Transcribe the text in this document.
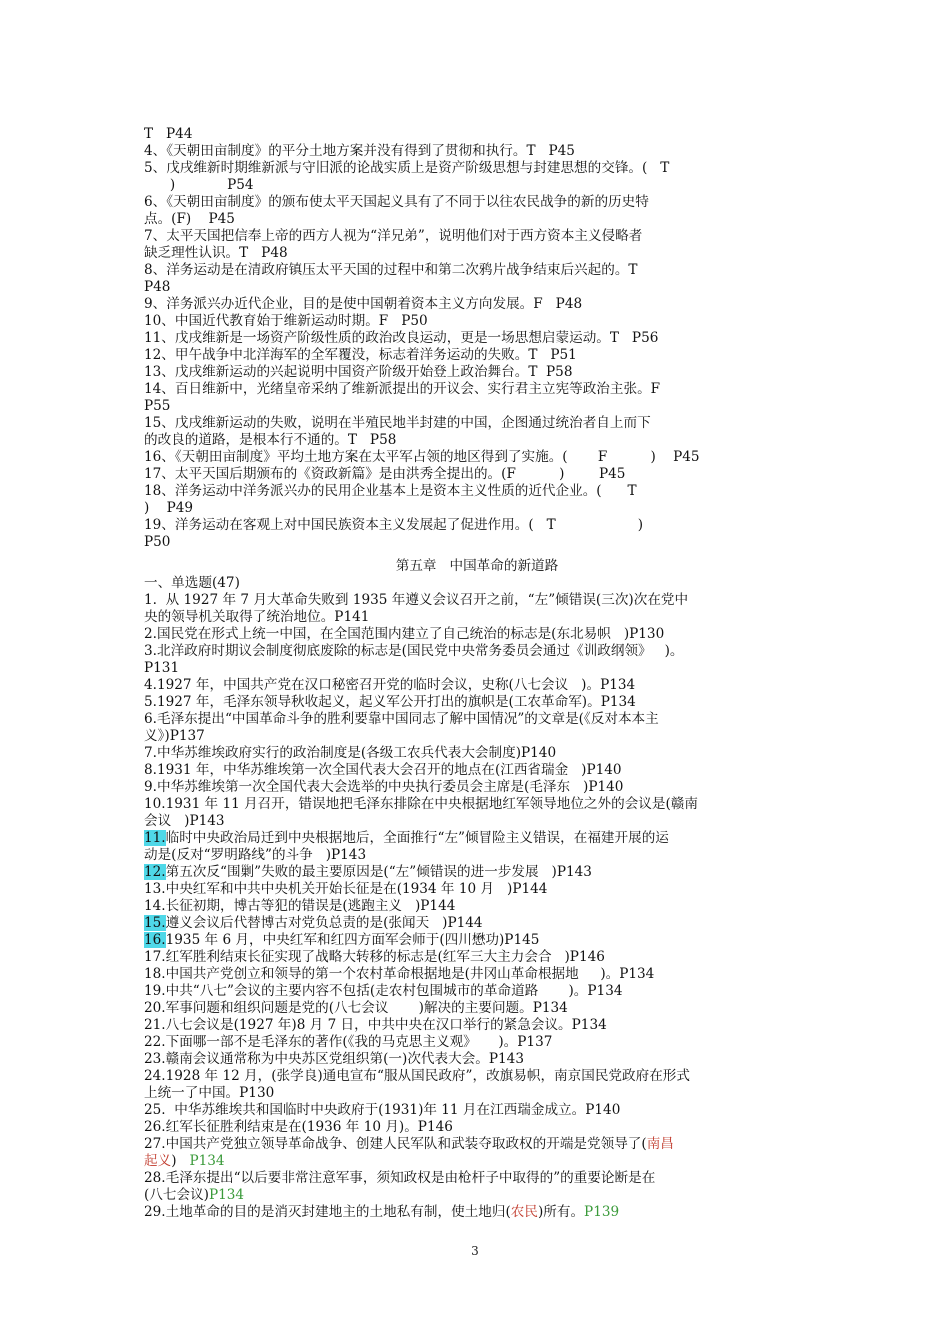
T   P44
4、《天朝田亩制度》的平分土地方案并没有得到了贯彻和执行。T   P45
5、戊戌维新时期维新派与守旧派的论战实质上是资产阶级思想与封建思想的交锋。(   T
)            P54
6、《天朝田亩制度》的颁布使太平天国起义具有了不同于以往农民战争的新的历史特
点。(F)    P45
7、太平天国把信奉上帝的西方人视为“洋兄弟”，说明他们对于西方资本主义侵略者
缺乏理性认识。T   P48
8、洋务运动是在清政府镇压太平天国的过程中和第二次鸦片战争结束后兴起的。T
P48
9、洋务派兴办近代企业，目的是使中国朝着资本主义方向发展。F   P48
10、中国近代教育始于维新运动时期。F   P50
11、戊戌维新是一场资产阶级性质的政治改良运动，更是一场思想启蒙运动。T   P56
12、甲午战争中北洋海军的全军覆没，标志着洋务运动的失败。T   P51
13、戊戌维新运动的兴起说明中国资产阶级开始登上政治舞台。T  P58
14、百日维新中，光绪皇帝采纳了维新派提出的开议会、实行君主立宪等政治主张。F
P55
15、戊戌维新运动的失败，说明在半殖民地半封建的中国，企图通过统治者自上而下
的改良的道路，是根本行不通的。T   P58
16、《天朝田亩制度》平均土地方案在太平军占领的地区得到了实施。(       F          )    P45
17、太平天国后期颁布的《资政新篇》是由洪秀全提出的。(F          )        P45
18、洋务运动中洋务派兴办的民用企业基本上是资本主义性质的近代企业。(      T
)    P49
19、洋务运动在客观上对中国民族资本主义发展起了促进作用。(   T                   )
P50
第五章   中国革命的新道路
一、单选题(47)
1.  从 1927 年 7 月大革命失败到 1935 年遵义会议召开之前，“左”倾错误(三次)次在党中
央的领导机关取得了统治地位。P141
2.国民党在形式上统一中国，在全国范围内建立了自己统治的标志是(东北易帜   )P130
3.北洋政府时期议会制度彻底废除的标志是(国民党中央常务委员会通过《训政纲领》   )。
P131
4.1927 年，中国共产党在汉口秘密召开党的临时会议，史称(八七会议   )。P134
5.1927 年，毛泽东领导秋收起义，起义军公开打出的旗帜是(工农革命军)。P134
6.毛泽东提出“中国革命斗争的胜利要靠中国同志了解中国情况”的文章是(《反对本本主
义》)P137
7.中华苏维埃政府实行的政治制度是(各级工农兵代表大会制度)P140
8.1931 年，中华苏维埃第一次全国代表大会召开的地点在(江西省瑞金   )P140
9.中华苏维埃第一次全国代表大会选举的中央执行委员会主席是(毛泽东   )P140
10.1931 年 11 月召开，错误地把毛泽东排除在中央根据地红军领导地位之外的会议是(赣南
会议   )P143
11.临时中央政治局迁到中央根据地后，全面推行“左”倾冒险主义错误，在福建开展的运
动是(反对“罗明路线”的斗争   )P143
12.第五次反“围剿”失败的最主要原因是(“左”倾错误的进一步发展   )P143
13.中央红军和中共中央机关开始长征是在(1934 年 10 月   )P144
14.长征初期，博古等犯的错误是(逃跑主义   )P144
15.遵义会议后代替博古对党负总责的是(张闻天   )P144
16.1935 年 6 月，中央红军和红四方面军会师于(四川懋功)P145
17.红军胜利结束长征实现了战略大转移的标志是(红军三大主力会合   )P146
18.中国共产党创立和领导的第一个农村革命根据地是(井冈山革命根据地     )。P134
19.中共“八七”会议的主要内容不包括(走农村包围城市的革命道路       )。P134
20.军事问题和组织问题是党的(八七会议       )解决的主要问题。P134
21.八七会议是(1927 年)8 月 7 日，中共中央在汉口举行的紧急会议。P134
22.下面哪一部不是毛泽东的著作(《我的马克思主义观》     )。P137
23.赣南会议通常称为中央苏区党组织第(一)次代表大会。P143
24.1928 年 12 月，(张学良)通电宣布“服从国民政府”，改旗易帜，南京国民党政府在形式
上统一了中国。P130
25.  中华苏维埃共和国临时中央政府于(1931)年 11 月在江西瑞金成立。P140
26.红军长征胜利结束是在(1936 年 10 月)。P146
27.中国共产党独立领导革命战争、创建人民军队和武装夺取政权的开端是党领导了(南昌
起义)   P134
28.毛泽东提出“以后要非常注意军事，须知政权是由枪杆子中取得的”的重要论断是在
(八七会议)P134
29.土地革命的目的是消灭封建地主的土地私有制，使土地归(农民)所有。P139
3
